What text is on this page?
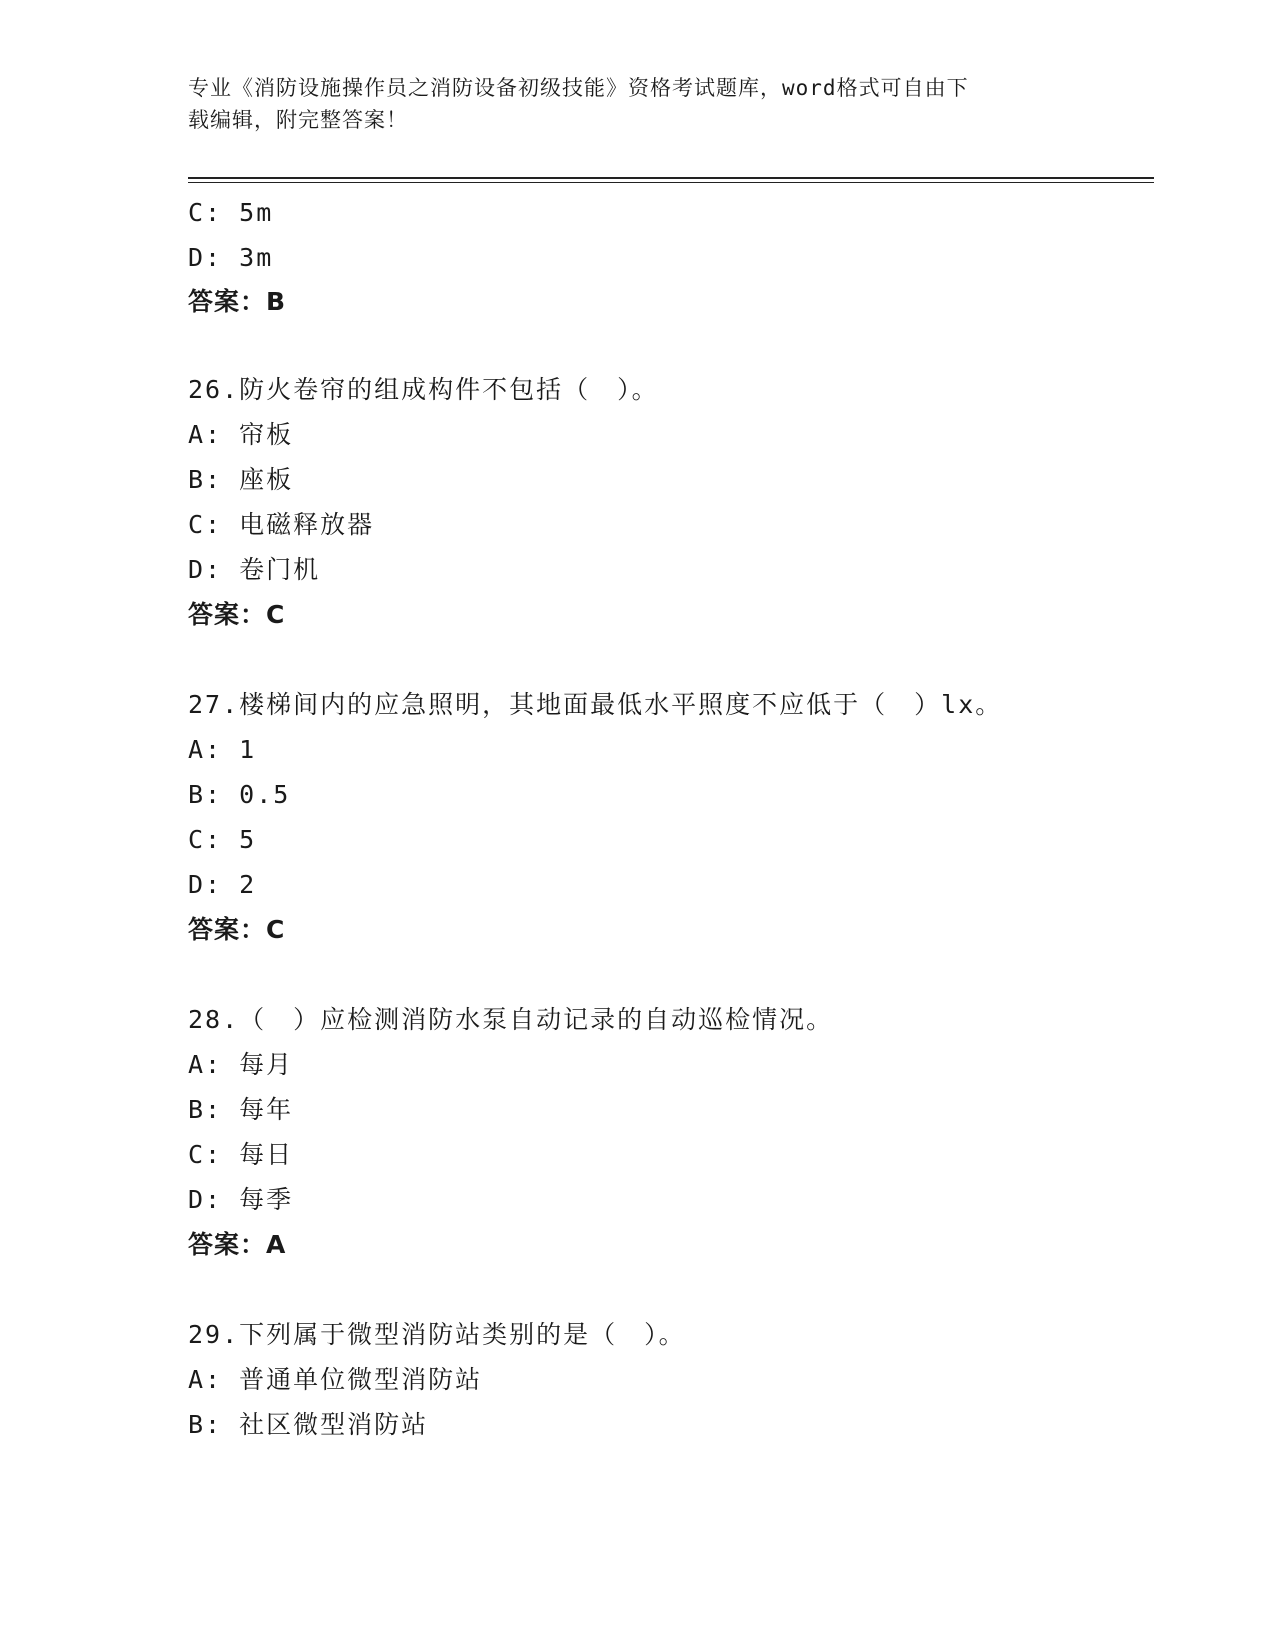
专业《消防设施操作员之消防设备初级技能》资格考试题库，word格式可自由下
载编辑，附完整答案！
C: 5m
D: 3m
答案：B
26.防火卷帘的组成构件不包括（　）。
A: 帘板
B: 座板
C: 电磁释放器
D: 卷门机
答案：C
27.楼梯间内的应急照明，其地面最低水平照度不应低于（　）lx。
A: 1
B: 0.5
C: 5
D: 2
答案：C
28.（　）应检测消防水泵自动记录的自动巡检情况。
A: 每月
B: 每年
C: 每日
D: 每季
答案：A
29.下列属于微型消防站类别的是（　）。
A: 普通单位微型消防站
B: 社区微型消防站
